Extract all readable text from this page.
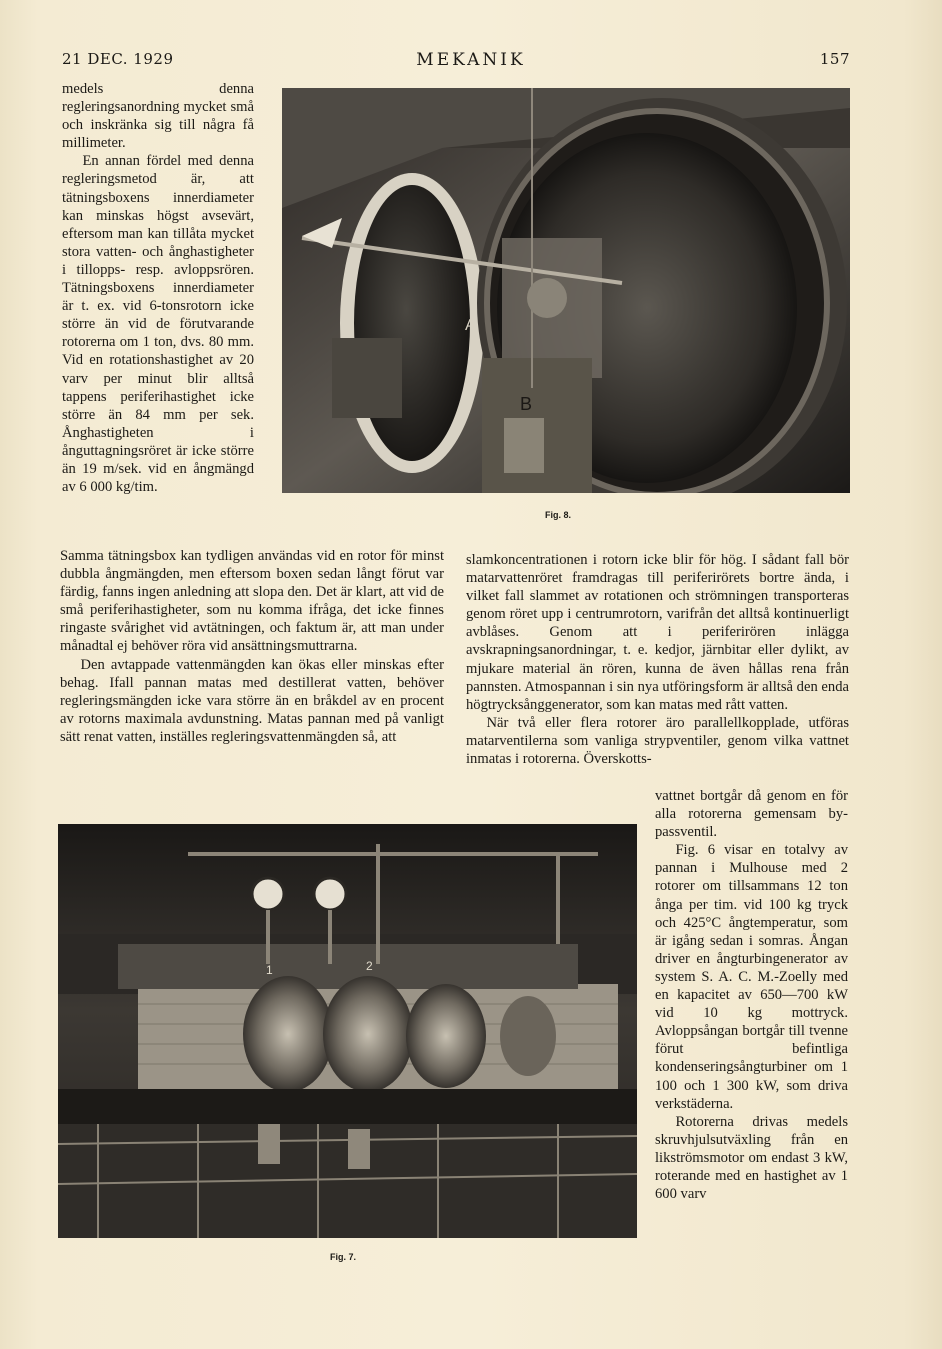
21 DEC. 1929	MEKANIK	157

medels denna regleringsanordning mycket små och inskränka sig till några få millimeter.

En annan fördel med denna regleringsmetod är, att tätningsboxens innerdiameter kan minskas högst avsevärt, eftersom man kan tillåta mycket stora vatten- och ånghastigheter i tillopps- resp. avloppsrören. Tätningsboxens innerdiameter är t. ex. vid 6-tonsrotorn icke större än vid de förutvarande rotorerna om 1 ton, dvs. 80 mm. Vid en rotationshastighet av 20 varv per minut blir alltså tappens periferihastighet icke större än 84 mm per sek. Ånghastigheten i ånguttagningsröret är icke större än 19 m/sek. vid en ångmängd av 6 000 kg/tim.

A
B
Fig. 8.

Samma tätningsbox kan tydligen användas vid en rotor för minst dubbla ångmängden, men eftersom boxen sedan långt förut var färdig, fanns ingen anledning att slopa den. Det är klart, att vid de små periferihastigheter, som nu komma ifråga, det icke finnes ringaste svårighet vid avtätningen, och faktum är, att man under månadtal ej behöver röra vid ansättningsmuttrarna.

Den avtappade vattenmängden kan ökas eller minskas efter behag. Ifall pannan matas med destillerat vatten, behöver regleringsmängden icke vara större än en bråkdel av en procent av rotorns maximala avdunstning. Matas pannan med på vanligt sätt renat vatten, inställes regleringsvattenmängden så, att

slamkoncentrationen i rotorn icke blir för hög. I sådant fall bör matarvattenröret framdragas till periferirörets bortre ända, i vilket fall slammet av rotationen och strömningen transporteras genom röret upp i centrumrotorn, varifrån det alltså kontinuerligt avblåses. Genom att i periferirören inlägga avskrapningsanordningar, t. e. kedjor, järnbitar eller dylikt, av mjukare material än rören, kunna de även hållas rena från pannsten. Atmospannan i sin nya utföringsform är alltså den enda högtrycksånggenerator, som kan matas med rått vatten.

När två eller flera rotorer äro parallellkopplade, utföras matarventilerna som vanliga strypventiler, genom vilka vattnet inmatas i rotorerna. Överskotts-

1	2
Fig. 7.

vattnet bortgår då genom en för alla rotorerna gemensam by-passventil.

Fig. 6 visar en totalvy av pannan i Mulhouse med 2 rotorer om tillsammans 12 ton ånga per tim. vid 100 kg tryck och 425°C ångtemperatur, som är igång sedan i somras. Ångan driver en ångturbingenerator av system S. A. C. M.-Zoelly med en kapacitet av 650—700 kW vid 10 kg mottryck. Avloppsångan bortgår till tvenne förut befintliga kondenseringsångturbiner om 1 100 och 1 300 kW, som driva verkstäderna.

Rotorerna drivas medels skruvhjulsutväxling från en likströmsmotor om endast 3 kW, roterande med en hastighet av 1 600 varv
